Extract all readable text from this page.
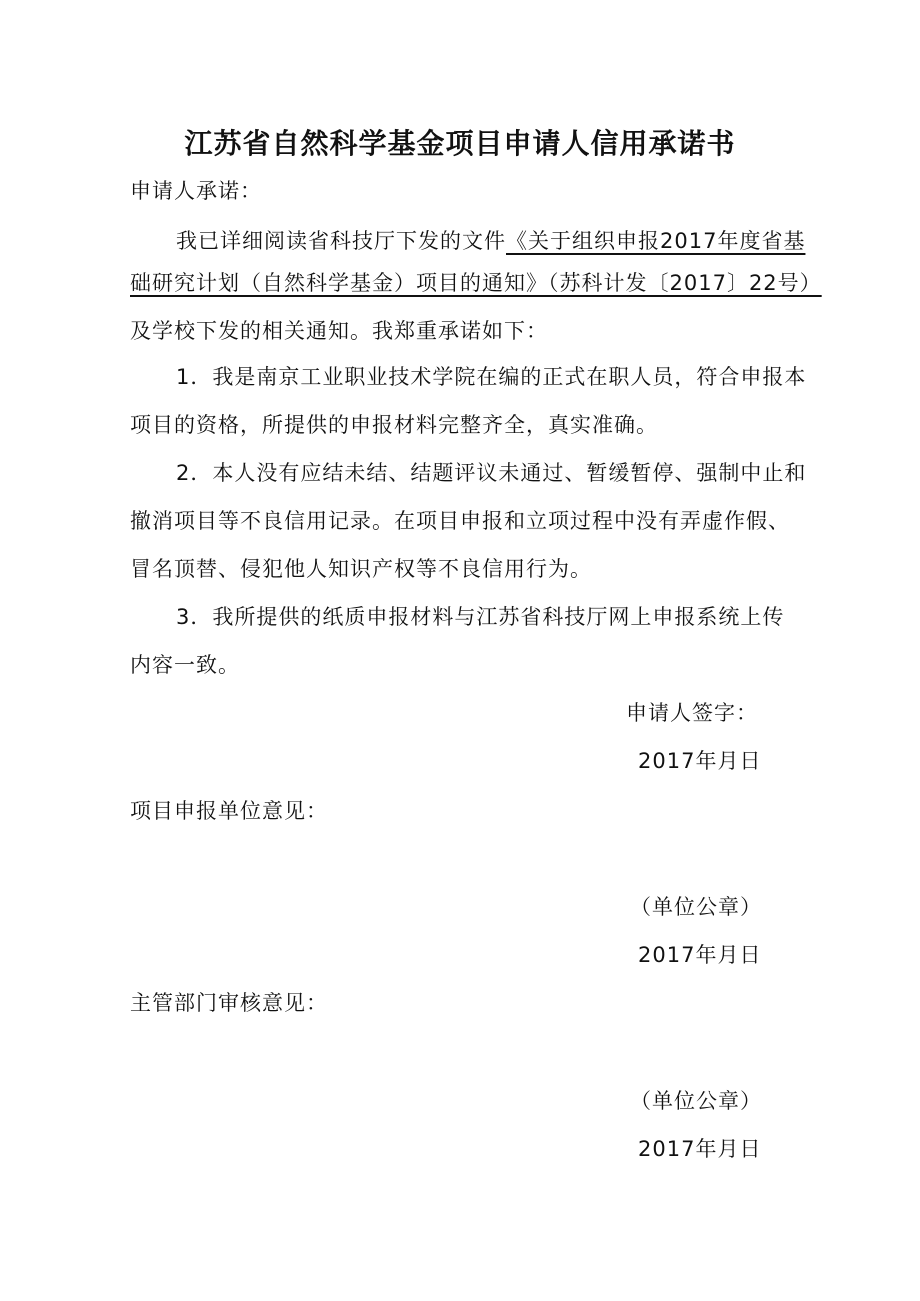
江苏省自然科学基金项目申请人信用承诺书
申请人承诺：
我已详细阅读省科技厅下发的文件《关于组织申报2017年度省基
础研究计划（自然科学基金）项目的通知》（苏科计发〔2017〕22号）
及学校下发的相关通知。我郑重承诺如下：
1．我是南京工业职业技术学院在编的正式在职人员，符合申报本
项目的资格，所提供的申报材料完整齐全，真实准确。
2．本人没有应结未结、结题评议未通过、暂缓暂停、强制中止和
撤消项目等不良信用记录。在项目申报和立项过程中没有弄虚作假、
冒名顶替、侵犯他人知识产权等不良信用行为。
3．我所提供的纸质申报材料与江苏省科技厅网上申报系统上传
内容一致。
申请人签字：
2017年月日
项目申报单位意见：
（单位公章）
2017年月日
主管部门审核意见：
（单位公章）
2017年月日
